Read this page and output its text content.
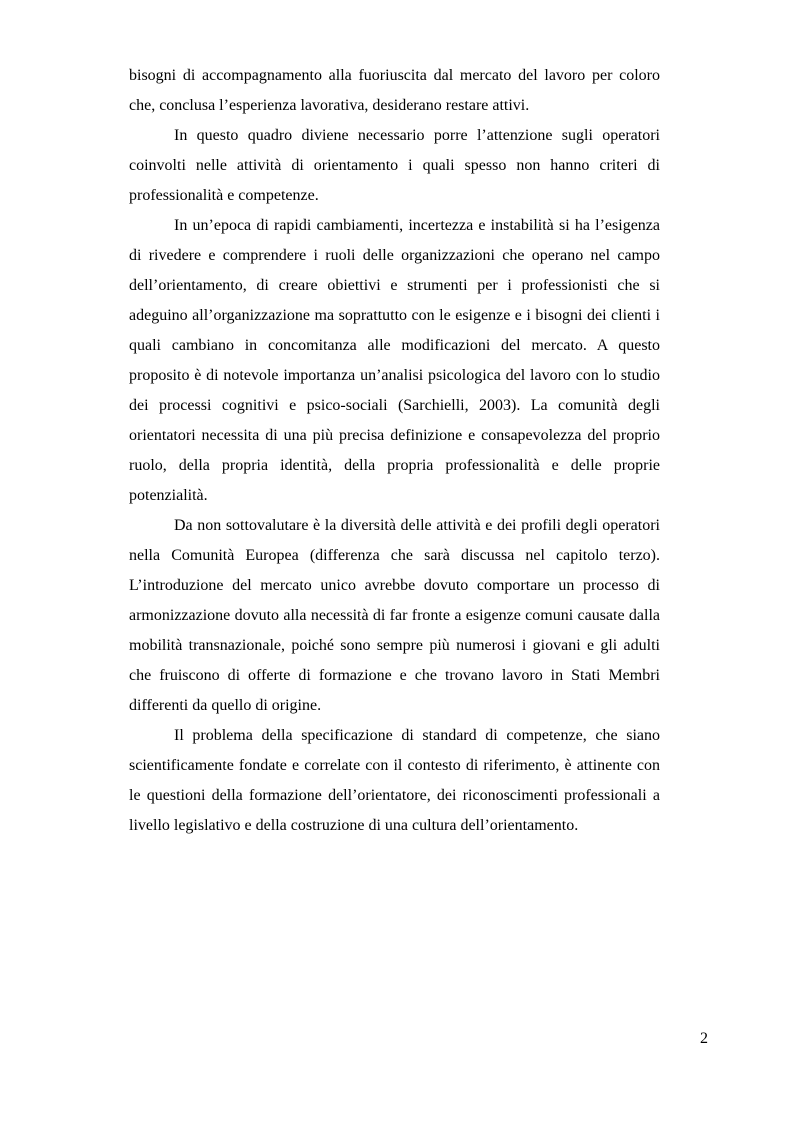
bisogni di accompagnamento alla fuoriuscita dal mercato del lavoro per coloro che, conclusa l’esperienza lavorativa, desiderano restare attivi.

In questo quadro diviene necessario porre l’attenzione sugli operatori coinvolti nelle attività di orientamento i quali spesso non hanno criteri di professionalità e competenze.

In un’epoca di rapidi cambiamenti, incertezza e instabilità si ha l’esigenza di rivedere e comprendere i ruoli delle organizzazioni che operano nel campo dell’orientamento, di creare obiettivi e strumenti per i professionisti che si adeguino all’organizzazione ma soprattutto con le esigenze e i bisogni dei clienti i quali cambiano in concomitanza alle modificazioni del mercato. A questo proposito è di notevole importanza un’analisi psicologica del lavoro con lo studio dei processi cognitivi e psico-sociali (Sarchielli, 2003). La comunità degli orientatori necessita di una più precisa definizione e consapevolezza del proprio ruolo, della propria identità, della propria professionalità e delle proprie potenzialità.

Da non sottovalutare è la diversità delle attività e dei profili degli operatori nella Comunità Europea (differenza che sarà discussa nel capitolo terzo). L’introduzione del mercato unico avrebbe dovuto comportare un processo di armonizzazione dovuto alla necessità di far fronte a esigenze comuni causate dalla mobilità transnazionale, poiché sono sempre più numerosi i giovani e gli adulti che fruiscono di offerte di formazione e che trovano lavoro in Stati Membri differenti da quello di origine.

Il problema della specificazione di standard di competenze, che siano scientificamente fondate e correlate con il contesto di riferimento, è attinente con le questioni della formazione dell’orientatore, dei riconoscimenti professionali a livello legislativo e della costruzione di una cultura dell’orientamento.

2
